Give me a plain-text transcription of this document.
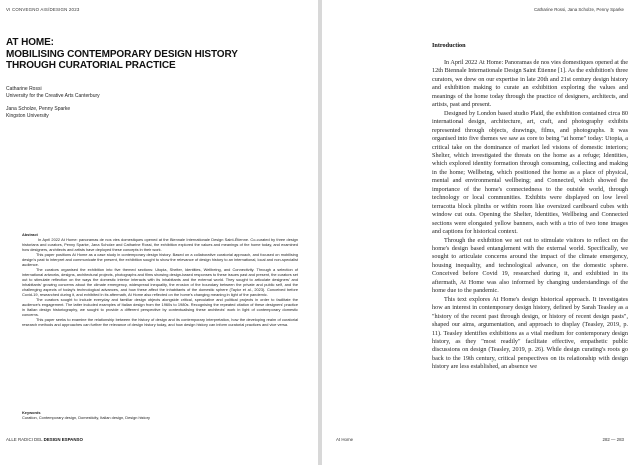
VI CONVEGNO AIS/DESIGN 2023
AT HOME:
MOBILISING CONTEMPORARY DESIGN HISTORY
THROUGH CURATORIAL PRACTICE
Catharine Rossi
University for the Creative Arts Canterbury
Jana Scholze, Penny Sparke
Kingston University
Abstract

In April 2022 At Home: panoramas de nos vies domestiques opened at the Biennale Internationale Design Saint-Étienne. Co-curated by three design historians and curators, Penny Sparke, Jana Scholze and Catharine Rossi, the exhibition explored the values and meanings of the home today, and examined how designers, architects and artists have deployed these concepts in their work.

This paper positions At Home as a case study in contemporary design history. Based on a collaborative curatorial approach, and focused on mobilising design's past to interpret and communicate the present, the exhibition sought to show the relevance of design history to an international, local and non-specialist audience.

The curators organised the exhibition into five themed sections: Utopia, Shelter, Identities, Wellbeing, and Connectivity. Through a selection of international artworks, designs, architectural projects, photographs and films showing design-based responses to these issues past and present, the curators set out to stimulate reflection on the ways the domestic interior interacts with its inhabitants and the external world. They sought to articulate designers' and inhabitants' growing concerns about the climate emergency, widespread inequality, the erosion of the boundary between the private and public self, and the challenging aspects of today's technological advances, and how these affect the inhabitants of the domestic sphere (Taylor et al., 2023). Conceived before Covid-19, researched during it, and exhibited in its aftermath, At Home also reflected on the home's changing meaning in light of the pandemic.

The curators sought to include everyday and familiar design objects alongside critical, speculative and political projects in order to facilitate the audience's engagement. The latter included examples of Italian design from the 1960s to 1980s. Recognising the repeated citation of these designers' practice in Italian design historiography, we sought to provide a different perspective by contextualising these architects' work in light of contemporary domestic concerns.

This paper seeks to examine the relationship between the history of design and its contemporary interpretation, how the developing realm of curatorial research methods and approaches can further the relevance of design history today, and how design history can inform curatorial practices and vice versa.

Keywords
Curation, Contemporary design, Domesticity, Italian design, Design history
ALLE RADICI DEL DESIGN ESPANSO
Catharine Rossi, Jana Scholze, Penny Sparke
Introduction

In April 2022 At Home: Panoramas de nos vies domestiques opened at the 12th Biennale Internationale Design Saint Étienne [1]. As the exhibition's three curators, we drew on our expertise in late 20th and 21st century design history and exhibition making to curate an exhibition exploring the values and meanings of the home today through the practice of designers, architects, and artists, past and present.

Designed by London based studio Plaid, the exhibition contained circa 80 international design, architecture, art, craft, and photography exhibits represented through objects, drawings, films, and photographs. It was organised into five themes we saw as core to being "at home" today: Utopia, a critical take on the dominance of market led visions of domestic interiors; Shelter, which investigated the threats on the home as a refuge; Identities, which explored identity formation through consuming, collecting and making in the home; Wellbeing, which positioned the home as a place of physical, mental and environmental wellbeing; and Connected, which showed the importance of the home's connectedness to the outside world, through technology or local communities. Exhibits were displayed on low level terracotta block plinths or within room like oversized cardboard cubes with window cut outs. Opening the Shelter, Identities, Wellbeing and Connected sections were elongated yellow banners, each with a trio of two tone images and captions for historical context.

Through the exhibition we set out to stimulate visitors to reflect on the home's design based entanglement with the external world. Specifically, we sought to articulate concerns around the impact of the climate emergency, housing inequality, and technological advance, on the domestic sphere. Conceived before Covid 19, researched during it, and exhibited in its aftermath, At Home was also informed by changing understandings of the home due to the pandemic.

This text explores At Home's design historical approach. It investigates how an interest in contemporary design history, defined by Sarah Teasley as a "history of the recent past through design, or history of recent design pasts", shaped our aims, argumentation, and approach to display (Teasley, 2019, p. 11). Teasley identifies exhibitions as a vital medium for contemporary design history, as they "most readily" facilitate effective, empathetic public discussions on design (Teasley, 2019, p. 26). While design curating's roots go back to the 19th century, critical perspectives on its relationship with design history are less established, an absence we

At Home	282 — 283
